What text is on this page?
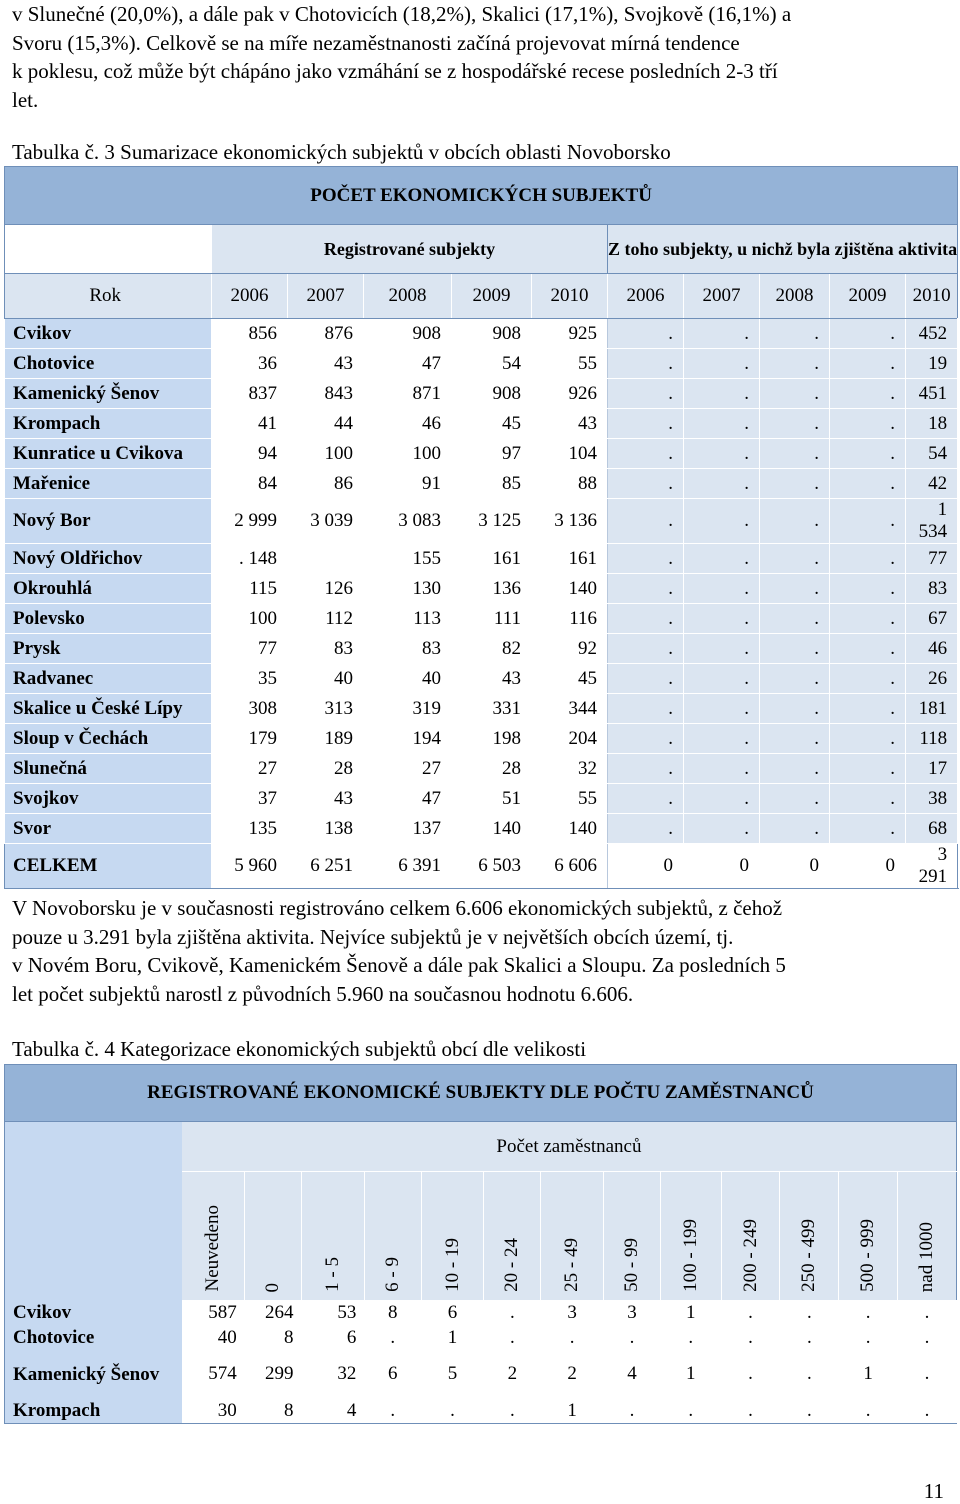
v Slunečné (20,0%), a dále pak v Chotovicích (18,2%), Skalici (17,1%), Svojkově (16,1%) a

Svoru (15,3%). Celkově se na míře nezaměstnanosti začíná projevovat mírná tendence

k poklesu, což může být chápáno jako vzmáhání se z hospodářské recese posledních 2-3 tří

let.

Tabulka č. 3 Sumarizace ekonomických subjektů v obcích oblasti Novoborsko
POČET EKONOMICKÝCH SUBJEKTŮ										
	Registrované subjekty					Z toho subjekty, u nichž byla zjištěna aktivita				
Rok	2006	2007	2008	2009	2010	2006	2007	2008	2009	2010
Cvikov	856	876	908	908	925	.	.	.	.	452
Chotovice	36	43	47	54	55	.	.	.	.	19
Kamenický Šenov	837	843	871	908	926	.	.	.	.	451
Krompach	41	44	46	45	43	.	.	.	.	18
Kunratice u Cvikova	94	100	100	97	104	.	.	.	.	54
Mařenice	84	86	91	85	88	.	.	.	.	42
Nový Bor	2 999	3 039	3 083	3 125	3 136	.	.	.	.	1 534
Nový Oldřichov	. 148		155	161	161	.	.	.	.	77
Okrouhlá	115	126	130	136	140	.	.	.	.	83
Polevsko	100	112	113	111	116	.	.	.	.	67
Prysk	77	83	83	82	92	.	.	.	.	46
Radvanec	35	40	40	43	45	.	.	.	.	26
Skalice u České Lípy	308	313	319	331	344	.	.	.	.	181
Sloup v Čechách	179	189	194	198	204	.	.	.	.	118
Slunečná	27	28	27	28	32	.	.	.	.	17
Svojkov	37	43	47	51	55	.	.	.	.	38
Svor	135	138	137	140	140	.	.	.	.	68
CELKEM	5 960	6 251	6 391	6 503	6 606	0	0	0	0	3 291

V Novoborsku je v současnosti registrováno celkem 6.606 ekonomických subjektů, z čehož

pouze u 3.291 byla zjištěna aktivita. Nejvíce subjektů je v největších obcích území, tj.

v Novém Boru, Cvikově, Kamenickém Šenově a dále pak Skalici a Sloupu. Za posledních 5

let počet subjektů narostl z původních 5.960 na současnou hodnotu 6.606.

Tabulka č. 4 Kategorizace ekonomických subjektů obcí dle velikosti
REGISTROVANÉ EKONOMICKÉ SUBJEKTY DLE POČTU ZAMĚSTNANCŮ													
	Počet zaměstnanců												

	Neuvedeno	0	1 - 5	6 - 9	10 - 19	20 - 24	25 - 49	50 - 99	100 - 199	200 - 249	250 - 499	500 - 999	nad 1000

Cvikov	587	264	53	8	6	.	3	3	1	.	.	.	.
Chotovice	40	8	6	.	1	.	.	.	.	.	.	.	.
Kamenický Šenov	574	299	32	6	5	2	2	4	1	.	.	1	.
Krompach	30	8	4	.	.	.	1	.	.	.	.	.	.
11
